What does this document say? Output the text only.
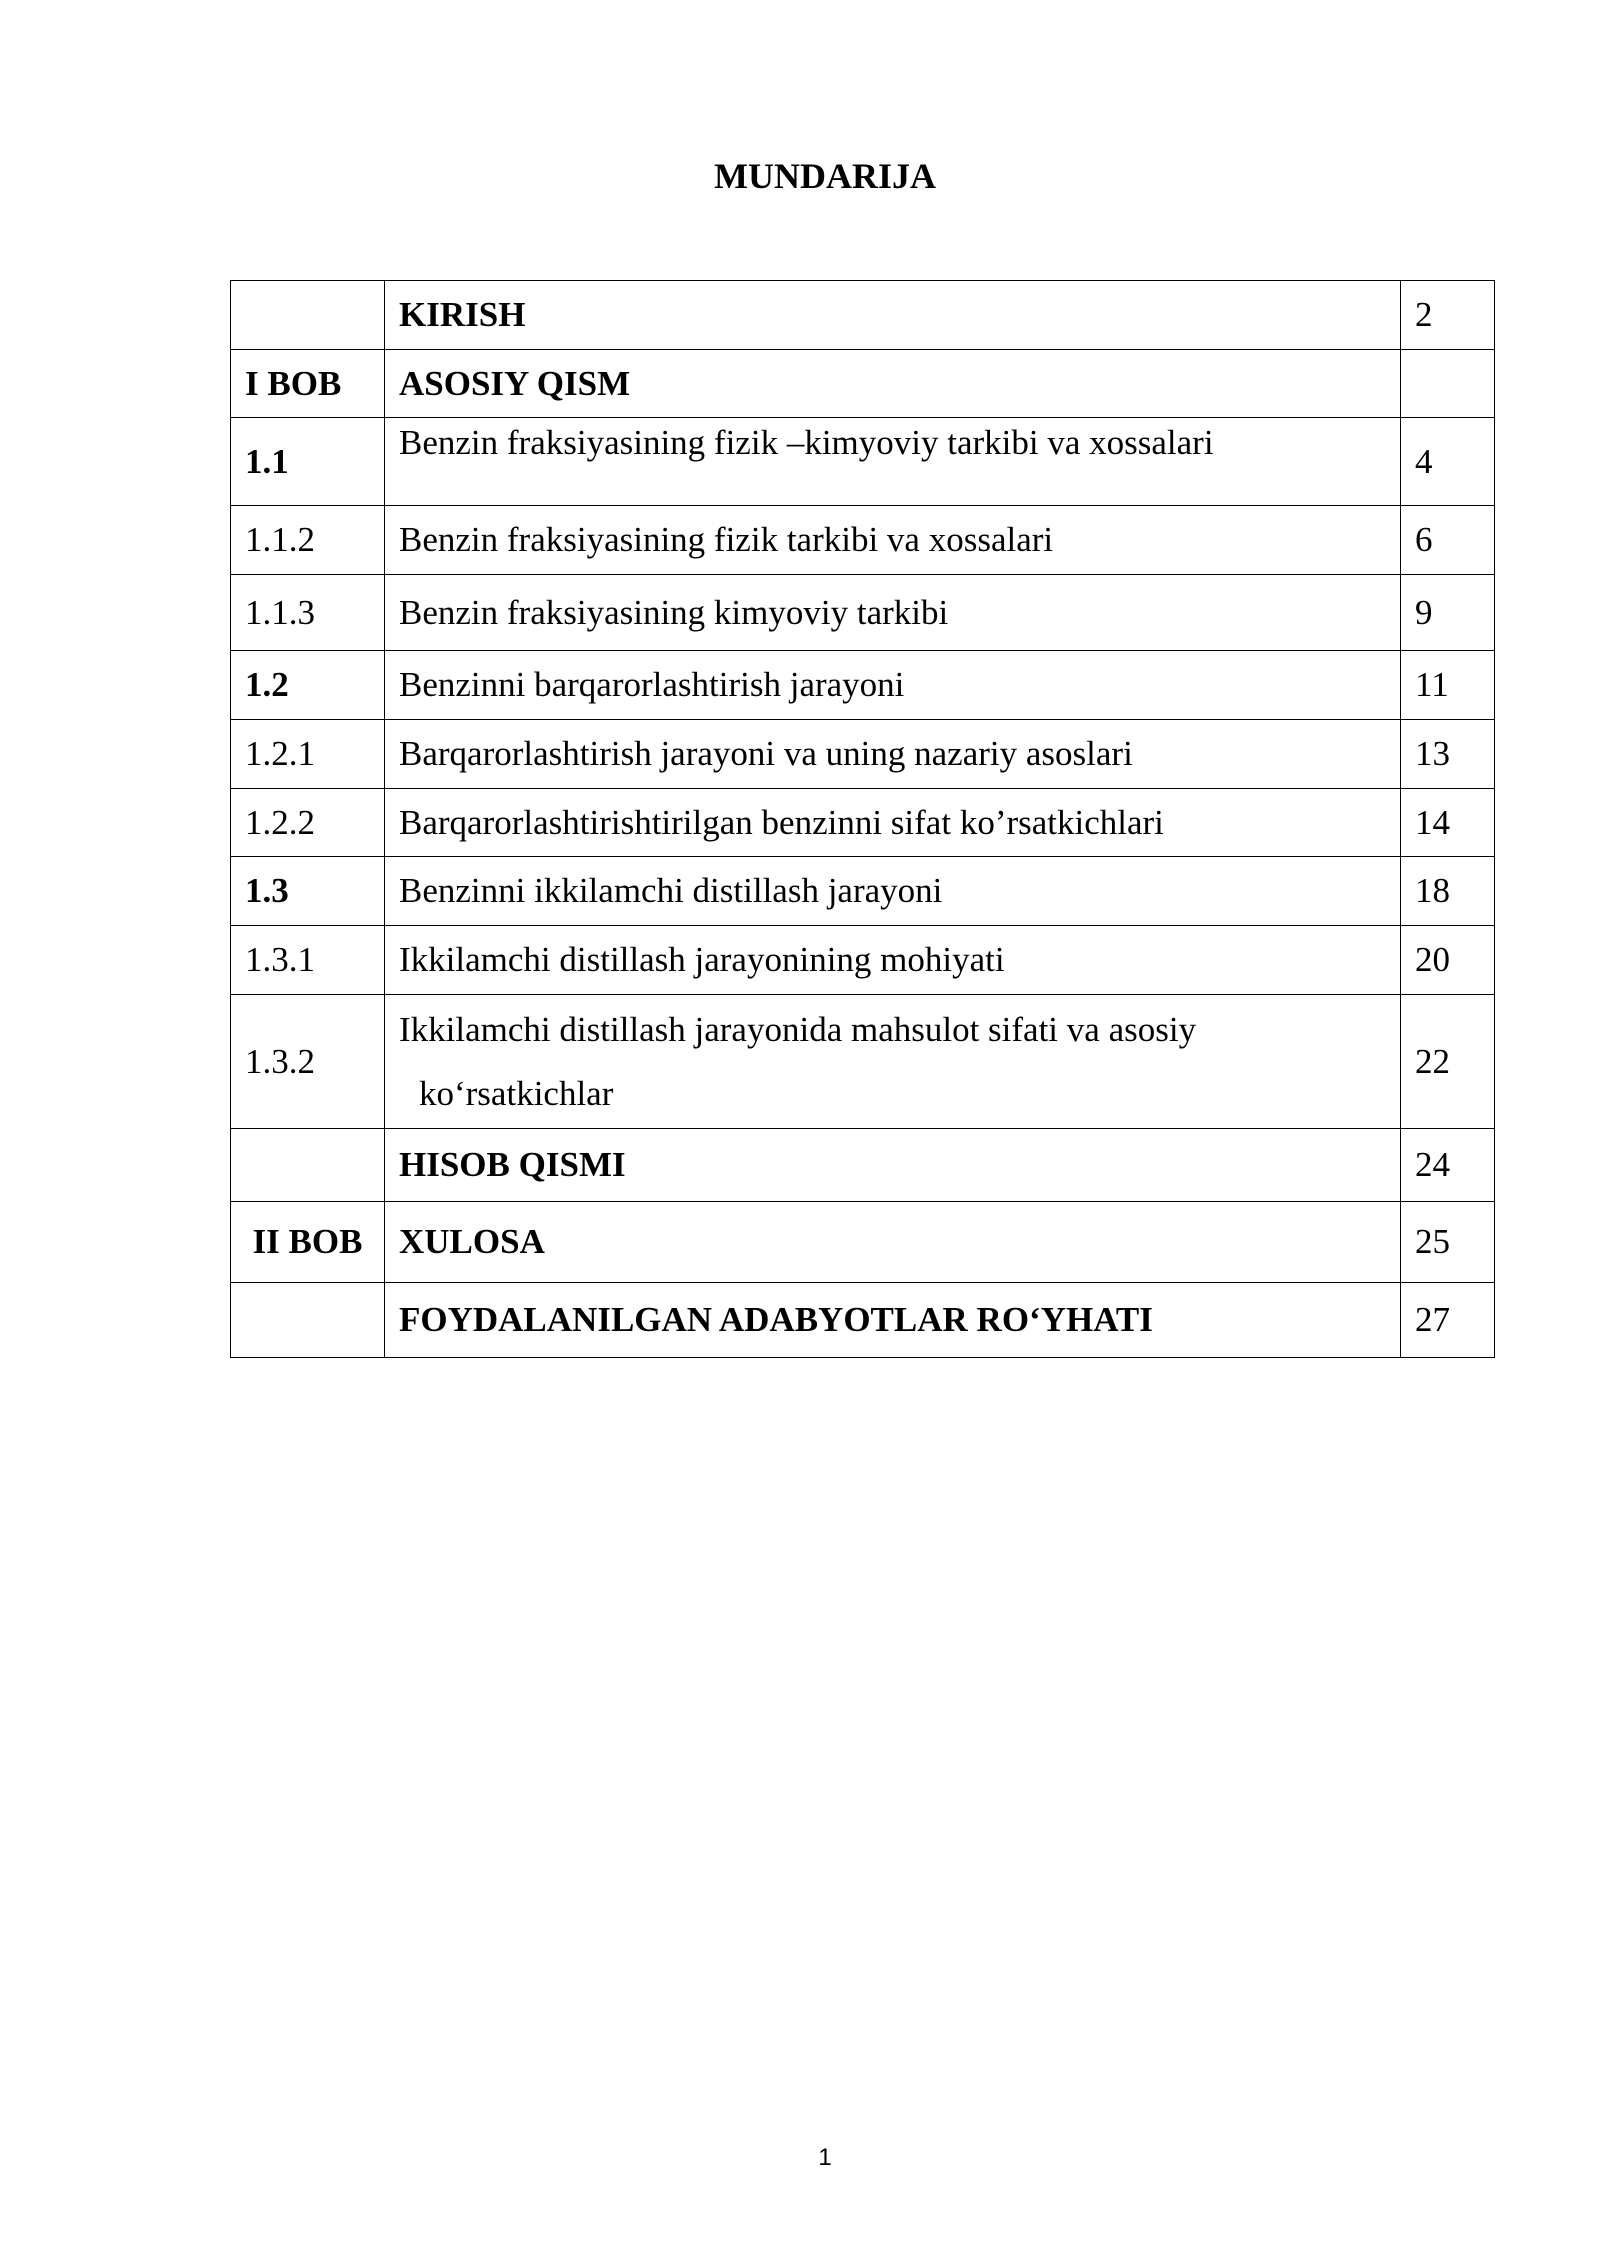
MUNDARIJA
	KIRISH	2
I BOB	ASOSIY QISM	
1.1	Benzin fraksiyasining fizik –kimyoviy tarkibi va xossalari	4
1.1.2	Benzin fraksiyasining fizik tarkibi va xossalari	6
1.1.3	Benzin fraksiyasining kimyoviy tarkibi	9
1.2	Benzinni barqarorlashtirish jarayoni	11
1.2.1	Barqarorlashtirish jarayoni va uning nazariy asoslari	13
1.2.2	Barqarorlashtirishtirilgan benzinni sifat ko’rsatkichlari	14
1.3	Benzinni ikkilamchi distillash jarayoni	18
1.3.1	Ikkilamchi distillash jarayonining mohiyati	20
1.3.2	Ikkilamchi distillash jarayonida mahsulot sifati va asosiy
ko‘rsatkichlar	22
	HISOB QISMI	24
II BOB	XULOSA	25
	FOYDALANILGAN ADABYOTLAR RO‘YHATI	27
1
